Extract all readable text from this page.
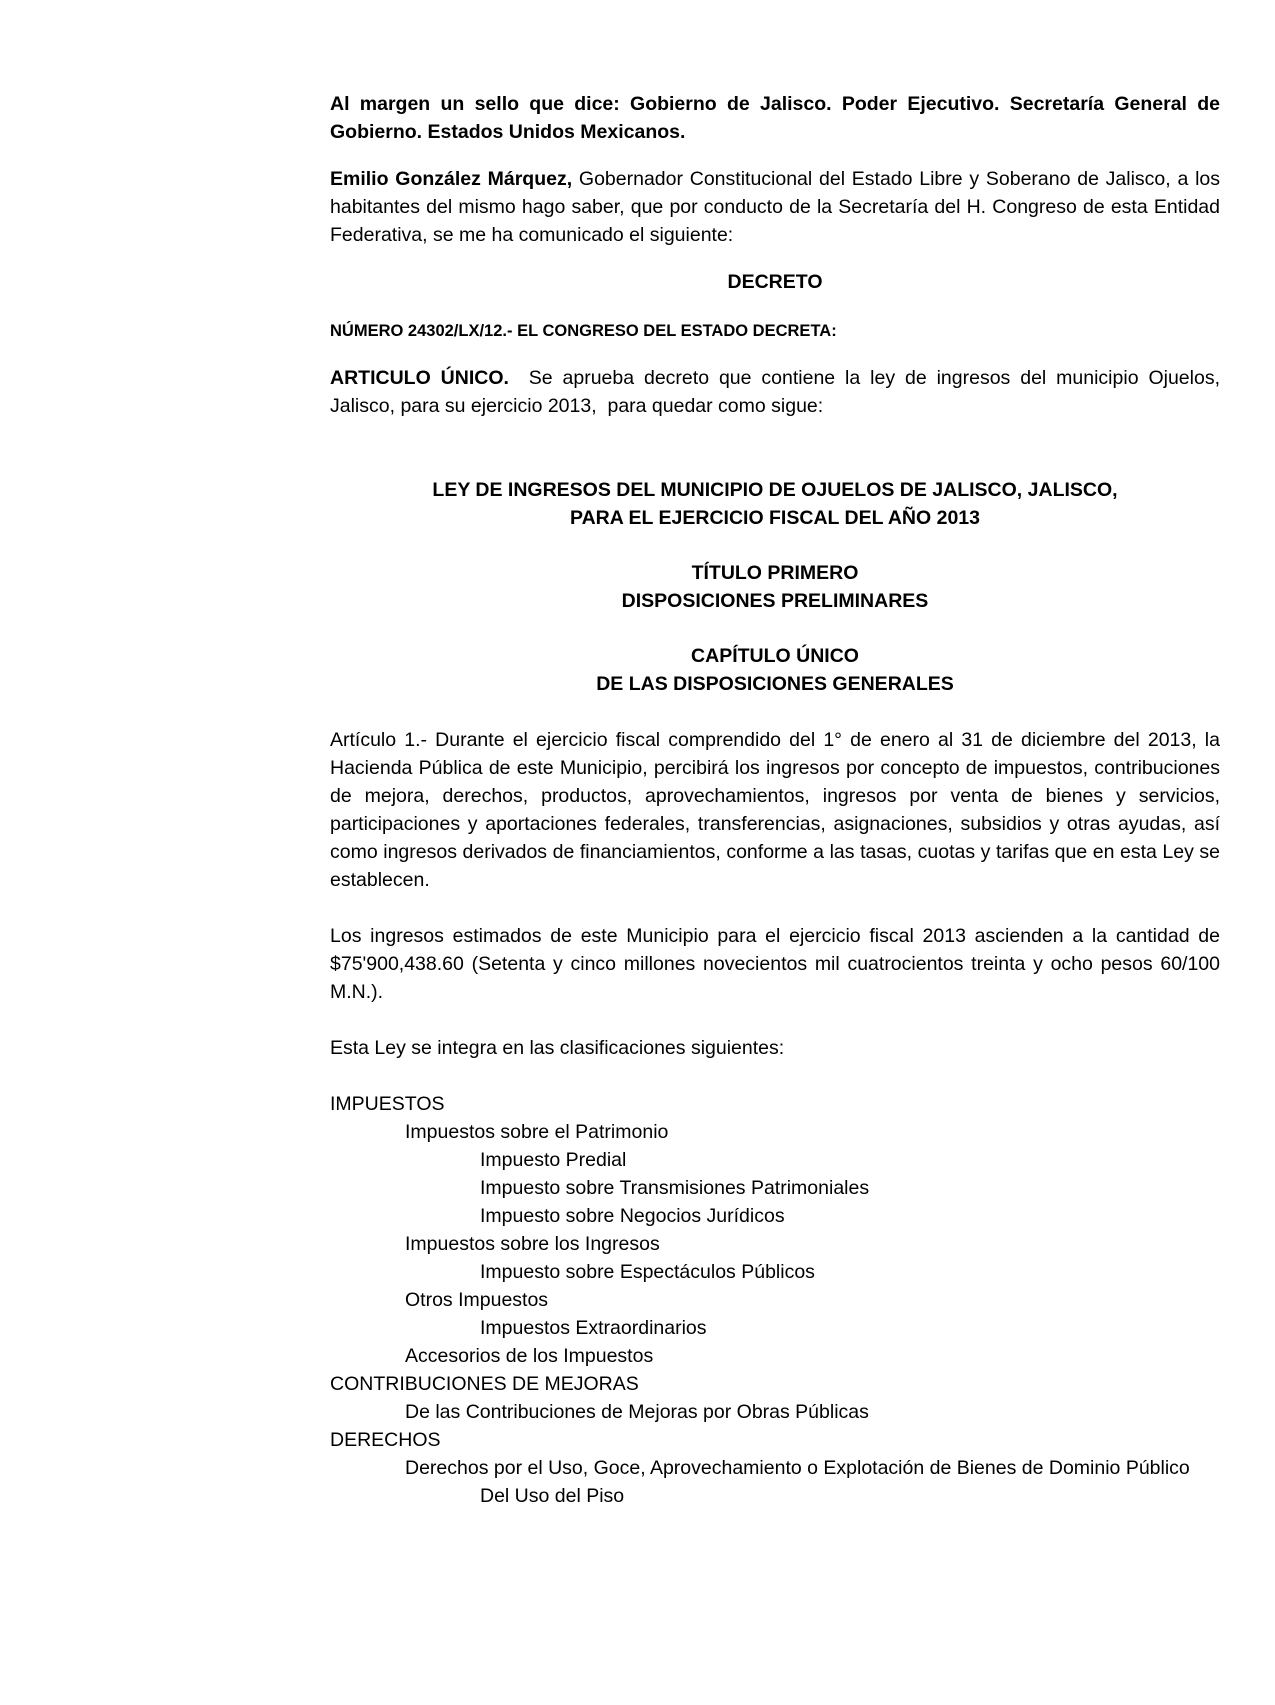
Al margen un sello que dice: Gobierno de Jalisco. Poder Ejecutivo. Secretaría General de Gobierno. Estados Unidos Mexicanos.

Emilio González Márquez, Gobernador Constitucional del Estado Libre y Soberano de Jalisco, a los habitantes del mismo hago saber, que por conducto de la Secretaría del H. Congreso de esta Entidad Federativa, se me ha comunicado el siguiente:

DECRETO

NÚMERO 24302/LX/12.- EL CONGRESO DEL ESTADO DECRETA:

ARTICULO ÚNICO.  Se aprueba decreto que contiene la ley de ingresos del municipio Ojuelos,  Jalisco, para su ejercicio 2013,  para quedar como sigue:

LEY DE INGRESOS DEL MUNICIPIO DE OJUELOS DE JALISCO, JALISCO,

PARA EL EJERCICIO FISCAL DEL AÑO 2013

TÍTULO PRIMERO

DISPOSICIONES PRELIMINARES

CAPÍTULO ÚNICO

DE LAS DISPOSICIONES GENERALES

Artículo 1.- Durante el ejercicio fiscal comprendido del 1° de enero al 31 de diciembre del 2013, la Hacienda Pública de este Municipio, percibirá los ingresos por concepto de impuestos, contribuciones de mejora, derechos, productos, aprovechamientos, ingresos por venta de bienes y servicios, participaciones y aportaciones federales, transferencias, asignaciones, subsidios y otras ayudas, así como ingresos derivados de financiamientos, conforme a las tasas, cuotas y tarifas que en esta Ley se establecen.

Los ingresos estimados de este Municipio para el ejercicio fiscal 2013 ascienden a la cantidad de $75'900,438.60 (Setenta y cinco millones novecientos mil cuatrocientos treinta y ocho pesos 60/100 M.N.).

Esta Ley se integra en las clasificaciones siguientes:

IMPUESTOS
Impuestos sobre el Patrimonio
Impuesto Predial
Impuesto sobre Transmisiones Patrimoniales
Impuesto sobre Negocios Jurídicos
Impuestos sobre los Ingresos
Impuesto sobre Espectáculos Públicos
Otros Impuestos
Impuestos Extraordinarios
Accesorios de los Impuestos
CONTRIBUCIONES DE MEJORAS
De las Contribuciones de Mejoras por Obras Públicas
DERECHOS
Derechos por el Uso, Goce, Aprovechamiento o Explotación de Bienes de Dominio Público
Del Uso del Piso
